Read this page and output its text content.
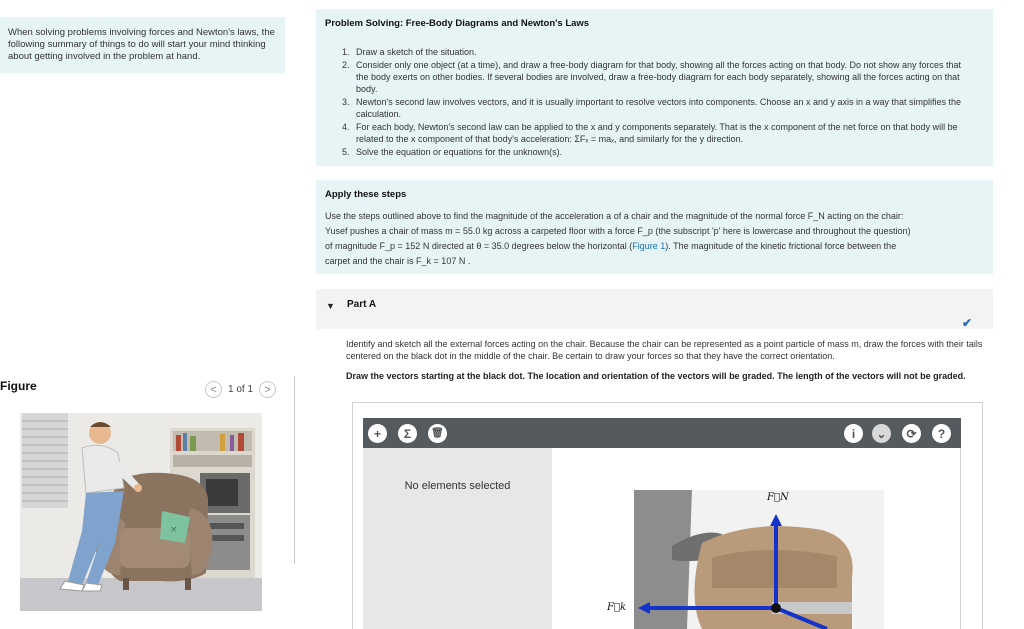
When solving problems involving forces and Newton's laws, the following summary of things to do will start your mind thinking about getting involved in the problem at hand.
Figure	<	1 of 1	>
×
Problem Solving: Free-Body Diagrams and Newton's Laws
1. Draw a sketch of the situation.
2. Consider only one object (at a time), and draw a free-body diagram for that body, showing all the forces acting on that body. Do not show any forces that the body exerts on other bodies. If several bodies are involved, draw a free-body diagram for each body separately, showing all the forces acting on that body.
3. Newton's second law involves vectors, and it is usually important to resolve vectors into components. Choose an x and y axis in a way that simplifies the calculation.
4. For each body, Newton's second law can be applied to the x and y components separately. That is the x component of the net force on that body will be related to the x component of that body's acceleration: ΣFₓ = maₓ, and similarly for the y direction.
5. Solve the equation or equations for the unknown(s).
Apply these steps
Use the steps outlined above to find the magnitude of the acceleration a of a chair and the magnitude of the normal force F_N acting on the chair:
Yusef pushes a chair of mass m = 55.0 kg across a carpeted floor with a force F_p (the subscript 'p' here is lowercase and throughout the question)
of magnitude F_p = 152 N directed at θ = 35.0 degrees below the horizontal (Figure 1). The magnitude of the kinetic frictional force between the
carpet and the chair is F_k = 107 N .
▼ Part A
✔
Identify and sketch all the external forces acting on the chair. Because the chair can be represented as a point particle of mass m, draw the forces with their tails centered on the black dot in the middle of the chair. Be certain to draw your forces so that they have the correct orientation.
Draw the vectors starting at the black dot. The location and orientation of the vectors will be graded. The length of the vectors will not be graded.
+	Σ	🗑	i	⌄	⟳	?
No elements selected
F⃗N
F⃗k
